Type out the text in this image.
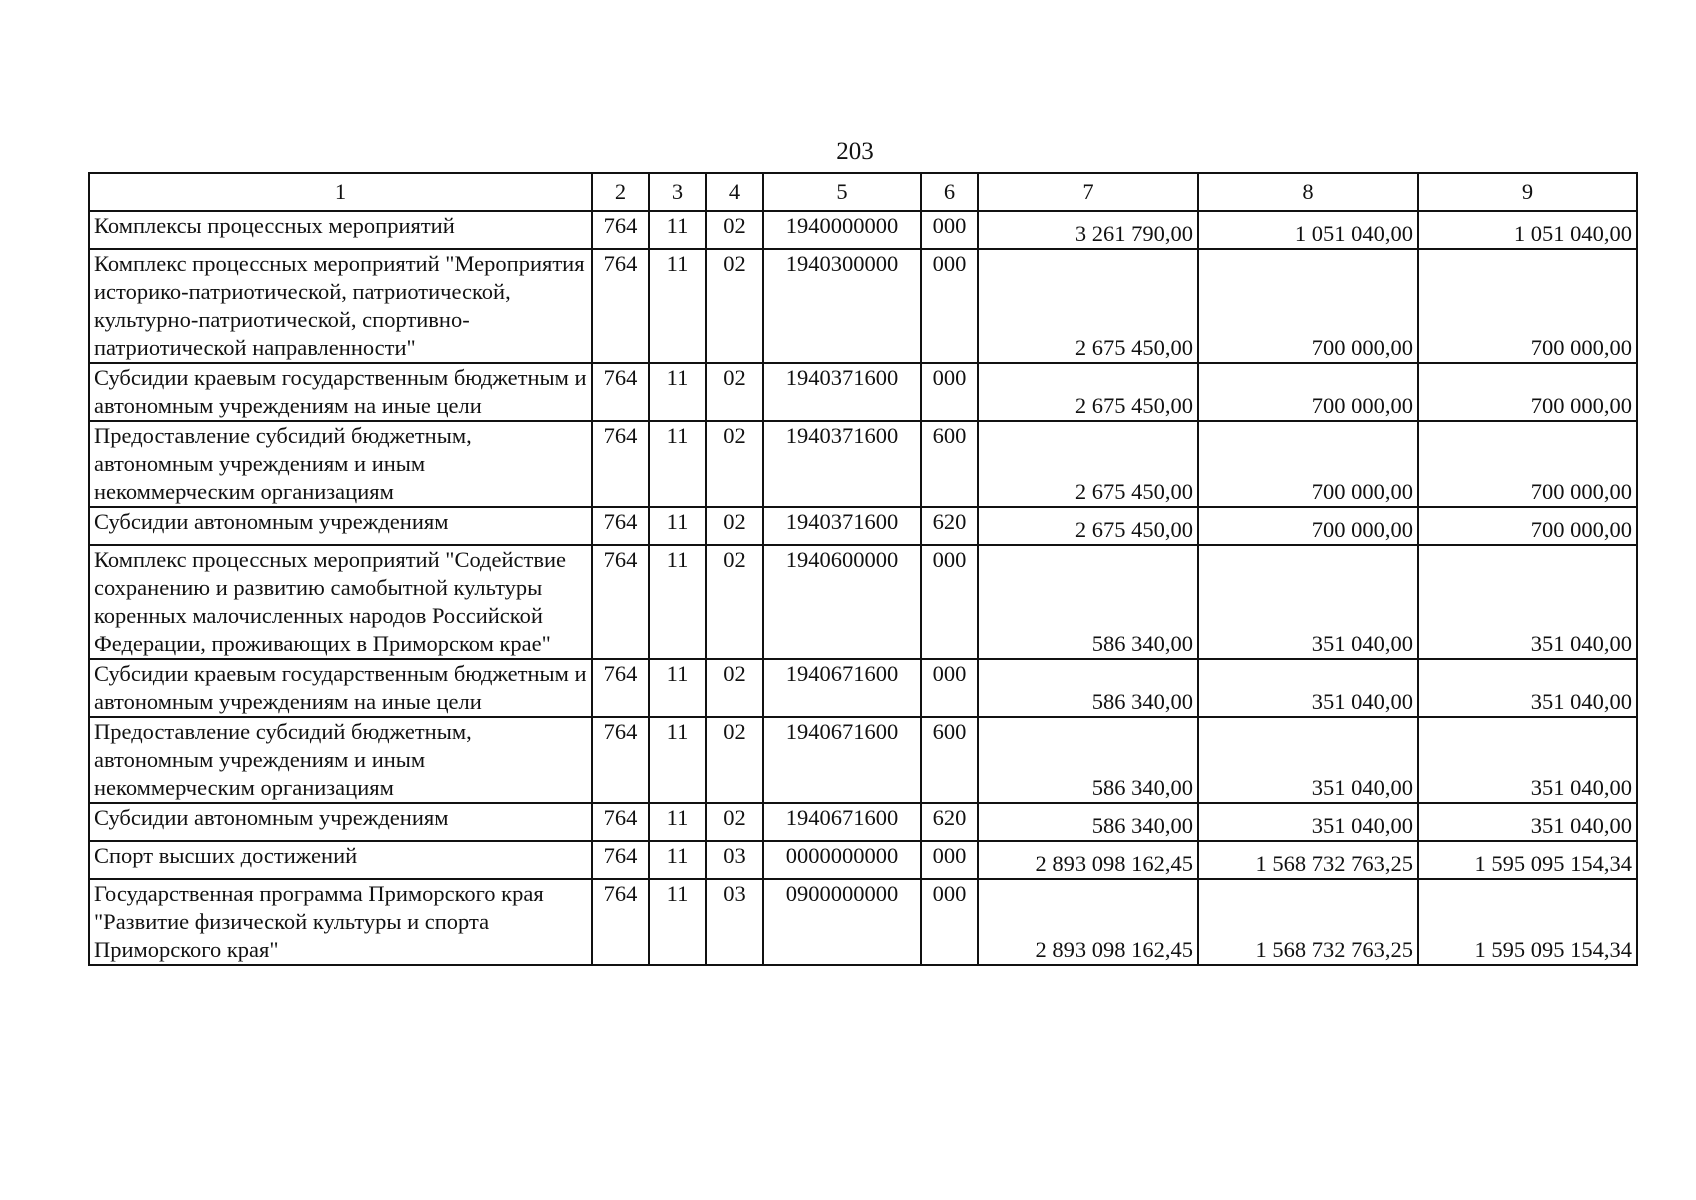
203
1	2	3	4	5	6	7	8	9
Комплексы процессных мероприятий	764	11	02	1940000000	000	3 261 790,00	1 051 040,00	1 051 040,00
Комплекс процессных мероприятий "Мероприятия историко-патриотической, патриотической, культурно-патриотической, спортивно-патриотической направленности"	764	11	02	1940300000	000	2 675 450,00	700 000,00	700 000,00
Субсидии краевым государственным бюджетным и автономным учреждениям на иные цели	764	11	02	1940371600	000	2 675 450,00	700 000,00	700 000,00
Предоставление субсидий бюджетным, автономным учреждениям и иным некоммерческим организациям	764	11	02	1940371600	600	2 675 450,00	700 000,00	700 000,00
Субсидии автономным учреждениям	764	11	02	1940371600	620	2 675 450,00	700 000,00	700 000,00
Комплекс процессных мероприятий "Содействие сохранению и развитию самобытной культуры коренных малочисленных народов Российской Федерации, проживающих в Приморском крае"	764	11	02	1940600000	000	586 340,00	351 040,00	351 040,00
Субсидии краевым государственным бюджетным и автономным учреждениям на иные цели	764	11	02	1940671600	000	586 340,00	351 040,00	351 040,00
Предоставление субсидий бюджетным, автономным учреждениям и иным некоммерческим организациям	764	11	02	1940671600	600	586 340,00	351 040,00	351 040,00
Субсидии автономным учреждениям	764	11	02	1940671600	620	586 340,00	351 040,00	351 040,00
Спорт высших достижений	764	11	03	0000000000	000	2 893 098 162,45	1 568 732 763,25	1 595 095 154,34
Государственная программа Приморского края "Развитие физической культуры и спорта Приморского края"	764	11	03	0900000000	000	2 893 098 162,45	1 568 732 763,25	1 595 095 154,34
